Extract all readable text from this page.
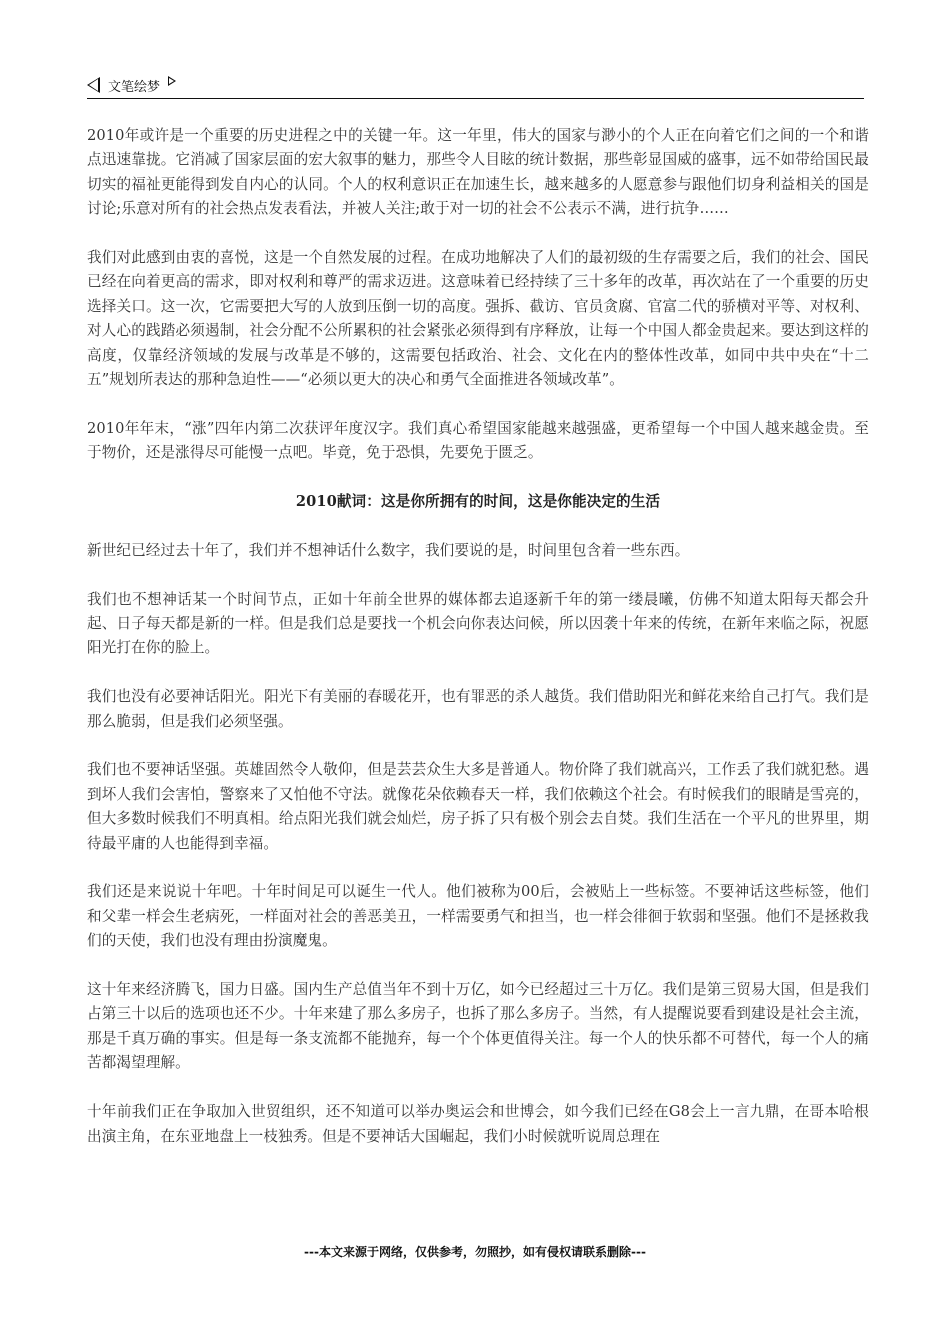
文笔绘梦

2010年或许是一个重要的历史进程之中的关键一年。这一年里，伟大的国家与渺小的个人正在向着它们之间的一个和谐点迅速靠拢。它消减了国家层面的宏大叙事的魅力，那些令人目眩的统计数据，那些彰显国威的盛事，远不如带给国民最切实的福祉更能得到发自内心的认同。个人的权利意识正在加速生长，越来越多的人愿意参与跟他们切身利益相关的国是讨论;乐意对所有的社会热点发表看法，并被人关注;敢于对一切的社会不公表示不满，进行抗争……

我们对此感到由衷的喜悦，这是一个自然发展的过程。在成功地解决了人们的最初级的生存需要之后，我们的社会、国民已经在向着更高的需求，即对权利和尊严的需求迈进。这意味着已经持续了三十多年的改革，再次站在了一个重要的历史选择关口。这一次，它需要把大写的人放到压倒一切的高度。强拆、截访、官员贪腐、官富二代的骄横对平等、对权利、对人心的践踏必须遏制，社会分配不公所累积的社会紧张必须得到有序释放，让每一个中国人都金贵起来。要达到这样的高度，仅靠经济领域的发展与改革是不够的，这需要包括政治、社会、文化在内的整体性改革，如同中共中央在“十二五”规划所表达的那种急迫性——“必须以更大的决心和勇气全面推进各领域改革”。

2010年年末，“涨”四年内第二次获评年度汉字。我们真心希望国家能越来越强盛，更希望每一个中国人越来越金贵。至于物价，还是涨得尽可能慢一点吧。毕竟，免于恐惧，先要免于匮乏。

2010献词：这是你所拥有的时间，这是你能决定的生活

新世纪已经过去十年了，我们并不想神话什么数字，我们要说的是，时间里包含着一些东西。

我们也不想神话某一个时间节点，正如十年前全世界的媒体都去追逐新千年的第一缕晨曦，仿佛不知道太阳每天都会升起、日子每天都是新的一样。但是我们总是要找一个机会向你表达问候，所以因袭十年来的传统，在新年来临之际，祝愿阳光打在你的脸上。

我们也没有必要神话阳光。阳光下有美丽的春暖花开，也有罪恶的杀人越货。我们借助阳光和鲜花来给自己打气。我们是那么脆弱，但是我们必须坚强。

我们也不要神话坚强。英雄固然令人敬仰，但是芸芸众生大多是普通人。物价降了我们就高兴，工作丢了我们就犯愁。遇到坏人我们会害怕，警察来了又怕他不守法。就像花朵依赖春天一样，我们依赖这个社会。有时候我们的眼睛是雪亮的，但大多数时候我们不明真相。给点阳光我们就会灿烂，房子拆了只有极个别会去自焚。我们生活在一个平凡的世界里，期待最平庸的人也能得到幸福。

我们还是来说说十年吧。十年时间足可以诞生一代人。他们被称为00后，会被贴上一些标签。不要神话这些标签，他们和父辈一样会生老病死，一样面对社会的善恶美丑，一样需要勇气和担当，也一样会徘徊于软弱和坚强。他们不是拯救我们的天使，我们也没有理由扮演魔鬼。

这十年来经济腾飞，国力日盛。国内生产总值当年不到十万亿，如今已经超过三十万亿。我们是第三贸易大国，但是我们占第三十以后的选项也还不少。十年来建了那么多房子，也拆了那么多房子。当然，有人提醒说要看到建设是社会主流，那是千真万确的事实。但是每一条支流都不能抛弃，每一个个体更值得关注。每一个人的快乐都不可替代，每一个人的痛苦都渴望理解。

十年前我们正在争取加入世贸组织，还不知道可以举办奥运会和世博会，如今我们已经在G8会上一言九鼎，在哥本哈根出演主角，在东亚地盘上一枝独秀。但是不要神话大国崛起，我们小时候就听说周总理在

---本文来源于网络，仅供参考，勿照抄，如有侵权请联系删除---
